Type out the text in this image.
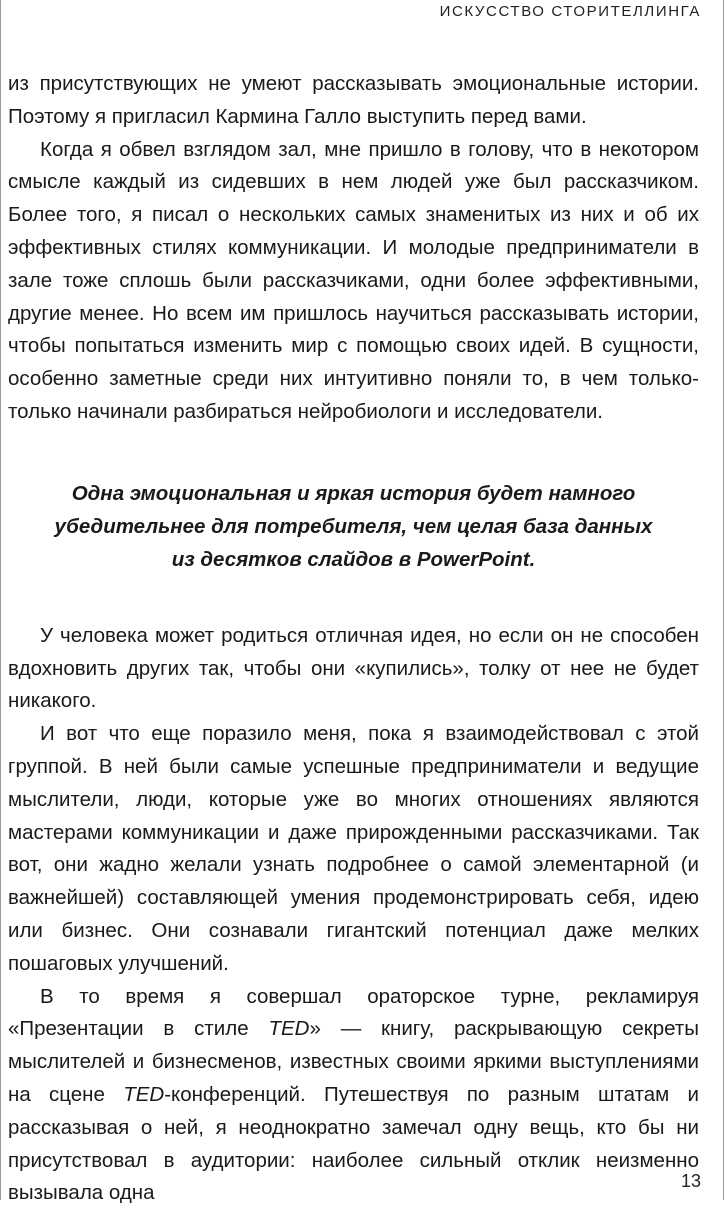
ИСКУССТВО СТОРИТЕЛЛИНГА

из присутствующих не умеют рассказывать эмоциональные истории. Поэтому я пригласил Кармина Галло выступить перед вами.

Когда я обвел взглядом зал, мне пришло в голову, что в некотором смысле каждый из сидевших в нем людей уже был рассказчиком. Более того, я писал о нескольких самых знаменитых из них и об их эффективных стилях коммуникации. И молодые предприниматели в зале тоже сплошь были рассказчиками, одни более эффективными, другие менее. Но всем им пришлось научиться рассказывать истории, чтобы попытаться изменить мир с помощью своих идей. В сущности, особенно заметные среди них интуитивно поняли то, в чем только-только начинали разбираться нейробиологи и исследователи.

Одна эмоциональная и яркая история будет намного
убедительнее для потребителя, чем целая база данных
из десятков слайдов в PowerPoint.

У человека может родиться отличная идея, но если он не способен вдохновить других так, чтобы они «купились», толку от нее не будет никакого.

И вот что еще поразило меня, пока я взаимодействовал с этой группой. В ней были самые успешные предприниматели и ведущие мыслители, люди, которые уже во многих отношениях являются мастерами коммуникации и даже прирожденными рассказчиками. Так вот, они жадно желали узнать подробнее о самой элементарной (и важнейшей) составляющей умения продемонстрировать себя, идею или бизнес. Они сознавали гигантский потенциал даже мелких пошаговых улучшений.

В то время я совершал ораторское турне, рекламируя «Презентации в стиле TED» — книгу, раскрывающую секреты мыслителей и бизнесменов, известных своими яркими выступлениями на сцене TED-конференций. Путешествуя по разным штатам и рассказывая о ней, я неоднократно замечал одну вещь, кто бы ни присутствовал в аудитории: наиболее сильный отклик неизменно вызывала одна

13
